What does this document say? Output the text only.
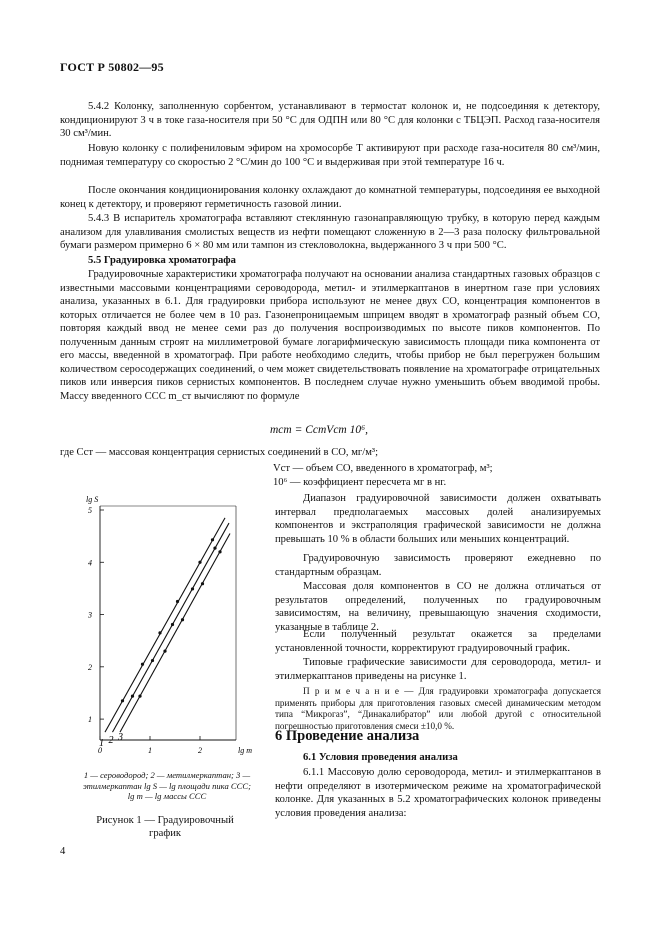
ГОСТ Р 50802—95
5.4.2 Колонку, заполненную сорбентом, устанавливают в термостат колонок и, не подсоединяя к детектору, кондиционируют 3 ч в токе газа-носителя при 50 °С для ОДПН или 80 °С для колонки с ТБЦЭП. Расход газа-носителя 30 см³/мин.
Новую колонку с полифениловым эфиром на хромосорбе Т активируют при расходе газа-носителя 80 см³/мин, поднимая температуру со скоростью 2 °С/мин до 100 °С и выдерживая при этой температуре 16 ч.
После окончания кондиционирования колонку охлаждают до комнатной температуры, подсоединяя ее выходной конец к детектору, и проверяют герметичность газовой линии.
5.4.3 В испаритель хроматографа вставляют стеклянную газонаправляющую трубку, в которую перед каждым анализом для улавливания смолистых веществ из нефти помещают сложенную в 2—3 раза полоску фильтровальной бумаги размером примерно 6 × 80 мм или тампон из стекловолокна, выдержанного 3 ч при 500 °С.
5.5 Градуировка хроматографа
Градуировочные характеристики хроматографа получают на основании анализа стандартных газовых образцов с известными массовыми концентрациями сероводорода, метил- и этилмеркаптанов в инертном газе при условиях анализа, указанных в 6.1. Для градуировки прибора используют не менее двух СО, концентрация компонентов в которых отличается не более чем в 10 раз. Газонепроницаемым шприцем вводят в хроматограф разный объем СО, повторяя каждый ввод не менее семи раз до получения воспроизводимых по высоте пиков компонентов. По полученным данным строят на миллиметровой бумаге логарифмическую зависимость площади пика компонента от его массы, введенной в хроматограф. При работе необходимо следить, чтобы прибор не был перегружен большим количеством серосодержащих соединений, о чем может свидетельствовать появление на хроматографе отрицательных пиков или инверсия пиков сернистых компонентов. В последнем случае нужно уменьшить объем вводимой пробы. Массу введенного ССС m_ст вычисляют по формуле
mст = CстVст 10⁶,
где Cст — массовая концентрация сернистых соединений в СО, мг/м³;
Vст — объем СО, введенного в хроматограф, м³;
10⁶ — коэффициент пересчета мг в нг.
Диапазон градуировочной зависимости должен охватывать интервал предполагаемых массовых долей анализируемых компонентов и экстраполяция графической зависимости не должна превышать 10 % в области больших или меньших концентраций.
Градуировочную зависимость проверяют ежедневно по стандартным образцам.
Массовая доля компонентов в СО не должна отличаться от результатов определений, полученных по градуировочным зависимостям, на величину, превышающую значения сходимости, указанные в таблице 2.
Если полученный результат окажется за пределами установленной точности, корректируют градуировочный график.
Типовые графические зависимости для сероводорода, метил- и этилмеркаптанов приведены на рисунке 1.
П р и м е ч а н и е — Для градуировки хроматографа допускается применять приборы для приготовления газовых смесей динамическим методом типа “Микрогаз”, “Динакалибратор” или любой другой с относительной погрешностью приготовления смеси ±10,0 %.
6 Проведение анализа
6.1 Условия проведения анализа
6.1.1 Массовую долю сероводорода, метил- и этилмеркаптанов в нефти определяют в изотермическом режиме на хроматографической колонке. Для указанных в 5.2 хроматографических колонок приведены условия проведения анализа:
1
2
3
4
5
0	1	2
lg S
lg m
1 2 3
1 — сероводород; 2 — метилмеркаптан; 3 — этилмеркаптан lg S — lg площади пика ССС; lg m — lg массы ССС
Рисунок 1 — Градуировочный график
4
